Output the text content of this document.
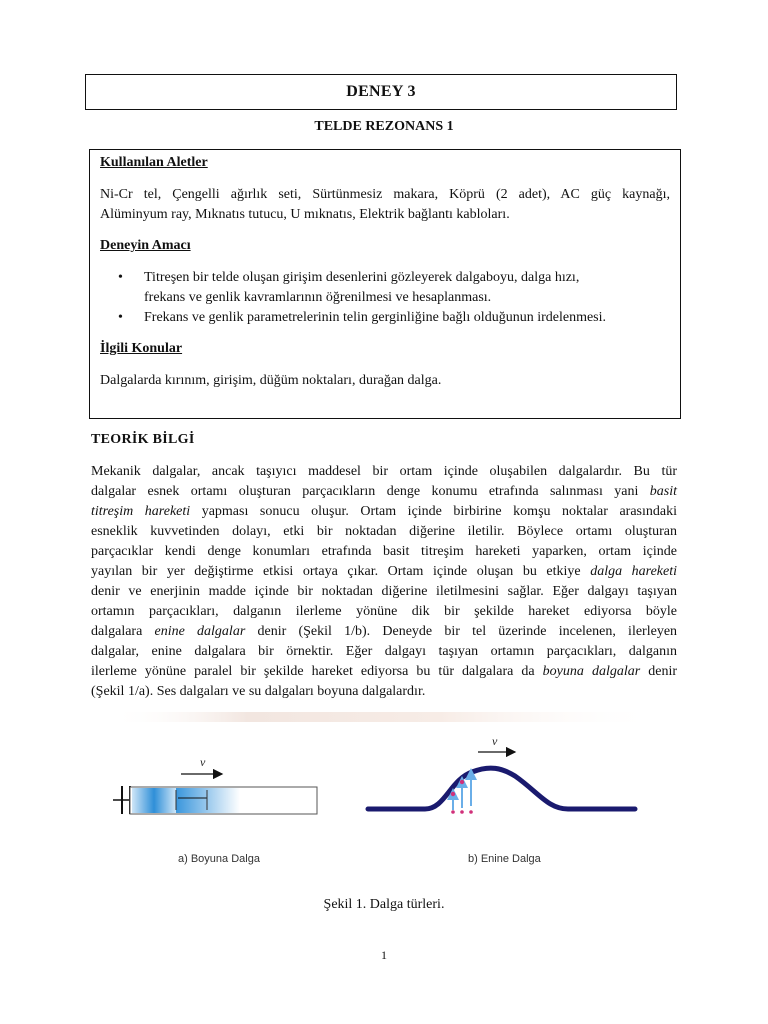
DENEY 3
TELDE REZONANS 1
Kullanılan Aletler
Ni-Cr tel, Çengelli ağırlık seti, Sürtünmesiz makara, Köprü (2 adet), AC güç kaynağı,
Alüminyum ray, Mıknatıs tutucu, U mıknatıs, Elektrik bağlantı kabloları.
Deneyin Amacı
• Titreşen bir telde oluşan girişim desenlerini gözleyerek dalgaboyu, dalga hızı,
frekans ve genlik kavramlarının öğrenilmesi ve hesaplanması.
• Frekans ve genlik parametrelerinin telin gerginliğine bağlı olduğunun irdelenmesi.
İlgili Konular
Dalgalarda kırınım, girişim, düğüm noktaları, durağan dalga.
TEORİK BİLGİ
Mekanik dalgalar, ancak taşıyıcı maddesel bir ortam içinde oluşabilen dalgalardır. Bu tür
dalgalar esnek ortamı oluşturan parçacıkların denge konumu etrafında salınması yani basit
titreşim hareketi yapması sonucu oluşur. Ortam içinde birbirine komşu noktalar arasındaki
esneklik kuvvetinden dolayı, etki bir noktadan diğerine iletilir. Böylece ortamı oluşturan
parçacıklar kendi denge konumları etrafında basit titreşim hareketi yaparken, ortam içinde
yayılan bir yer değiştirme etkisi ortaya çıkar. Ortam içinde oluşan bu etkiye dalga hareketi
denir ve enerjinin madde içinde bir noktadan diğerine iletilmesini sağlar. Eğer dalgayı taşıyan
ortamın parçacıkları, dalganın ilerleme yönüne dik bir şekilde hareket ediyorsa böyle
dalgalara enine dalgalar denir (Şekil 1/b). Deneyde bir tel üzerinde incelenen, ilerleyen
dalgalar, enine dalgalara bir örnektir. Eğer dalgayı taşıyan ortamın parçacıkları, dalganın
ilerleme yönüne paralel bir şekilde hareket ediyorsa bu tür dalgalara da boyuna dalgalar denir
(Şekil 1/a). Ses dalgaları ve su dalgaları boyuna dalgalardır.
v
a) Boyuna Dalga
v
b) Enine Dalga
Şekil 1. Dalga türleri.
1
